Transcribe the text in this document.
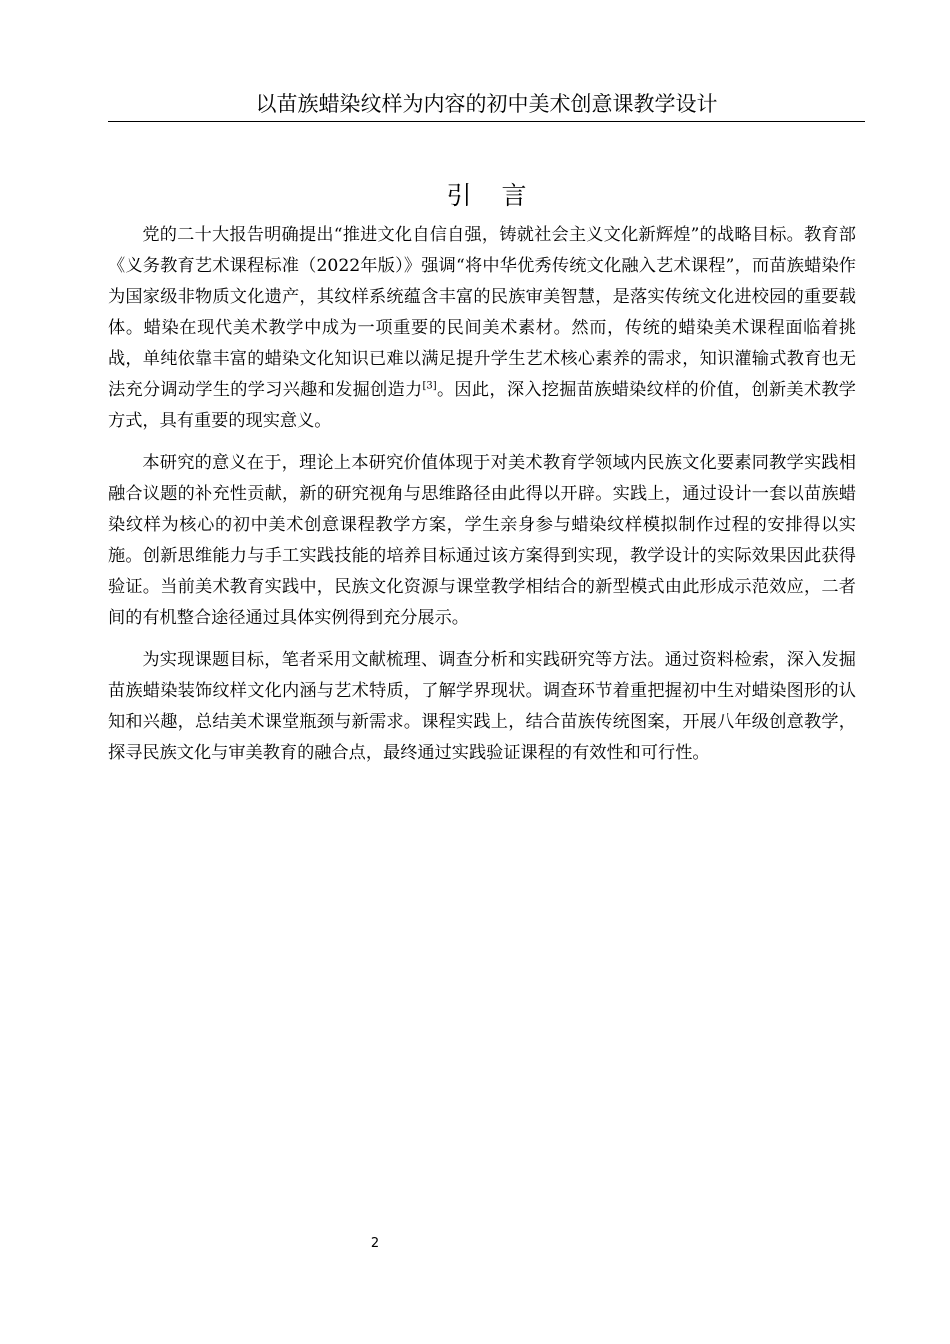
以苗族蜡染纹样为内容的初中美术创意课教学设计
引言

党的二十大报告明确提出“推进文化自信自强，铸就社会主义文化新辉煌”的战略目标。教育部《义务教育艺术课程标准（2022年版）》强调“将中华优秀传统文化融入艺术课程”，而苗族蜡染作为国家级非物质文化遗产，其纹样系统蕴含丰富的民族审美智慧，是落实传统文化进校园的重要载体。蜡染在现代美术教学中成为一项重要的民间美术素材。然而，传统的蜡染美术课程面临着挑战，单纯依靠丰富的蜡染文化知识已难以满足提升学生艺术核心素养的需求，知识灌输式教育也无法充分调动学生的学习兴趣和发掘创造力[3]。因此，深入挖掘苗族蜡染纹样的价值，创新美术教学方式，具有重要的现实意义。

本研究的意义在于，理论上本研究价值体现于对美术教育学领域内民族文化要素同教学实践相融合议题的补充性贡献，新的研究视角与思维路径由此得以开辟。实践上，通过设计一套以苗族蜡染纹样为核心的初中美术创意课程教学方案，学生亲身参与蜡染纹样模拟制作过程的安排得以实施。创新思维能力与手工实践技能的培养目标通过该方案得到实现，教学设计的实际效果因此获得验证。当前美术教育实践中，民族文化资源与课堂教学相结合的新型模式由此形成示范效应，二者间的有机整合途径通过具体实例得到充分展示。

为实现课题目标，笔者采用文献梳理、调查分析和实践研究等方法。通过资料检索，深入发掘苗族蜡染装饰纹样文化内涵与艺术特质，了解学界现状。调查环节着重把握初中生对蜡染图形的认知和兴趣，总结美术课堂瓶颈与新需求。课程实践上，结合苗族传统图案，开展八年级创意教学，探寻民族文化与审美教育的融合点，最终通过实践验证课程的有效性和可行性。

2
